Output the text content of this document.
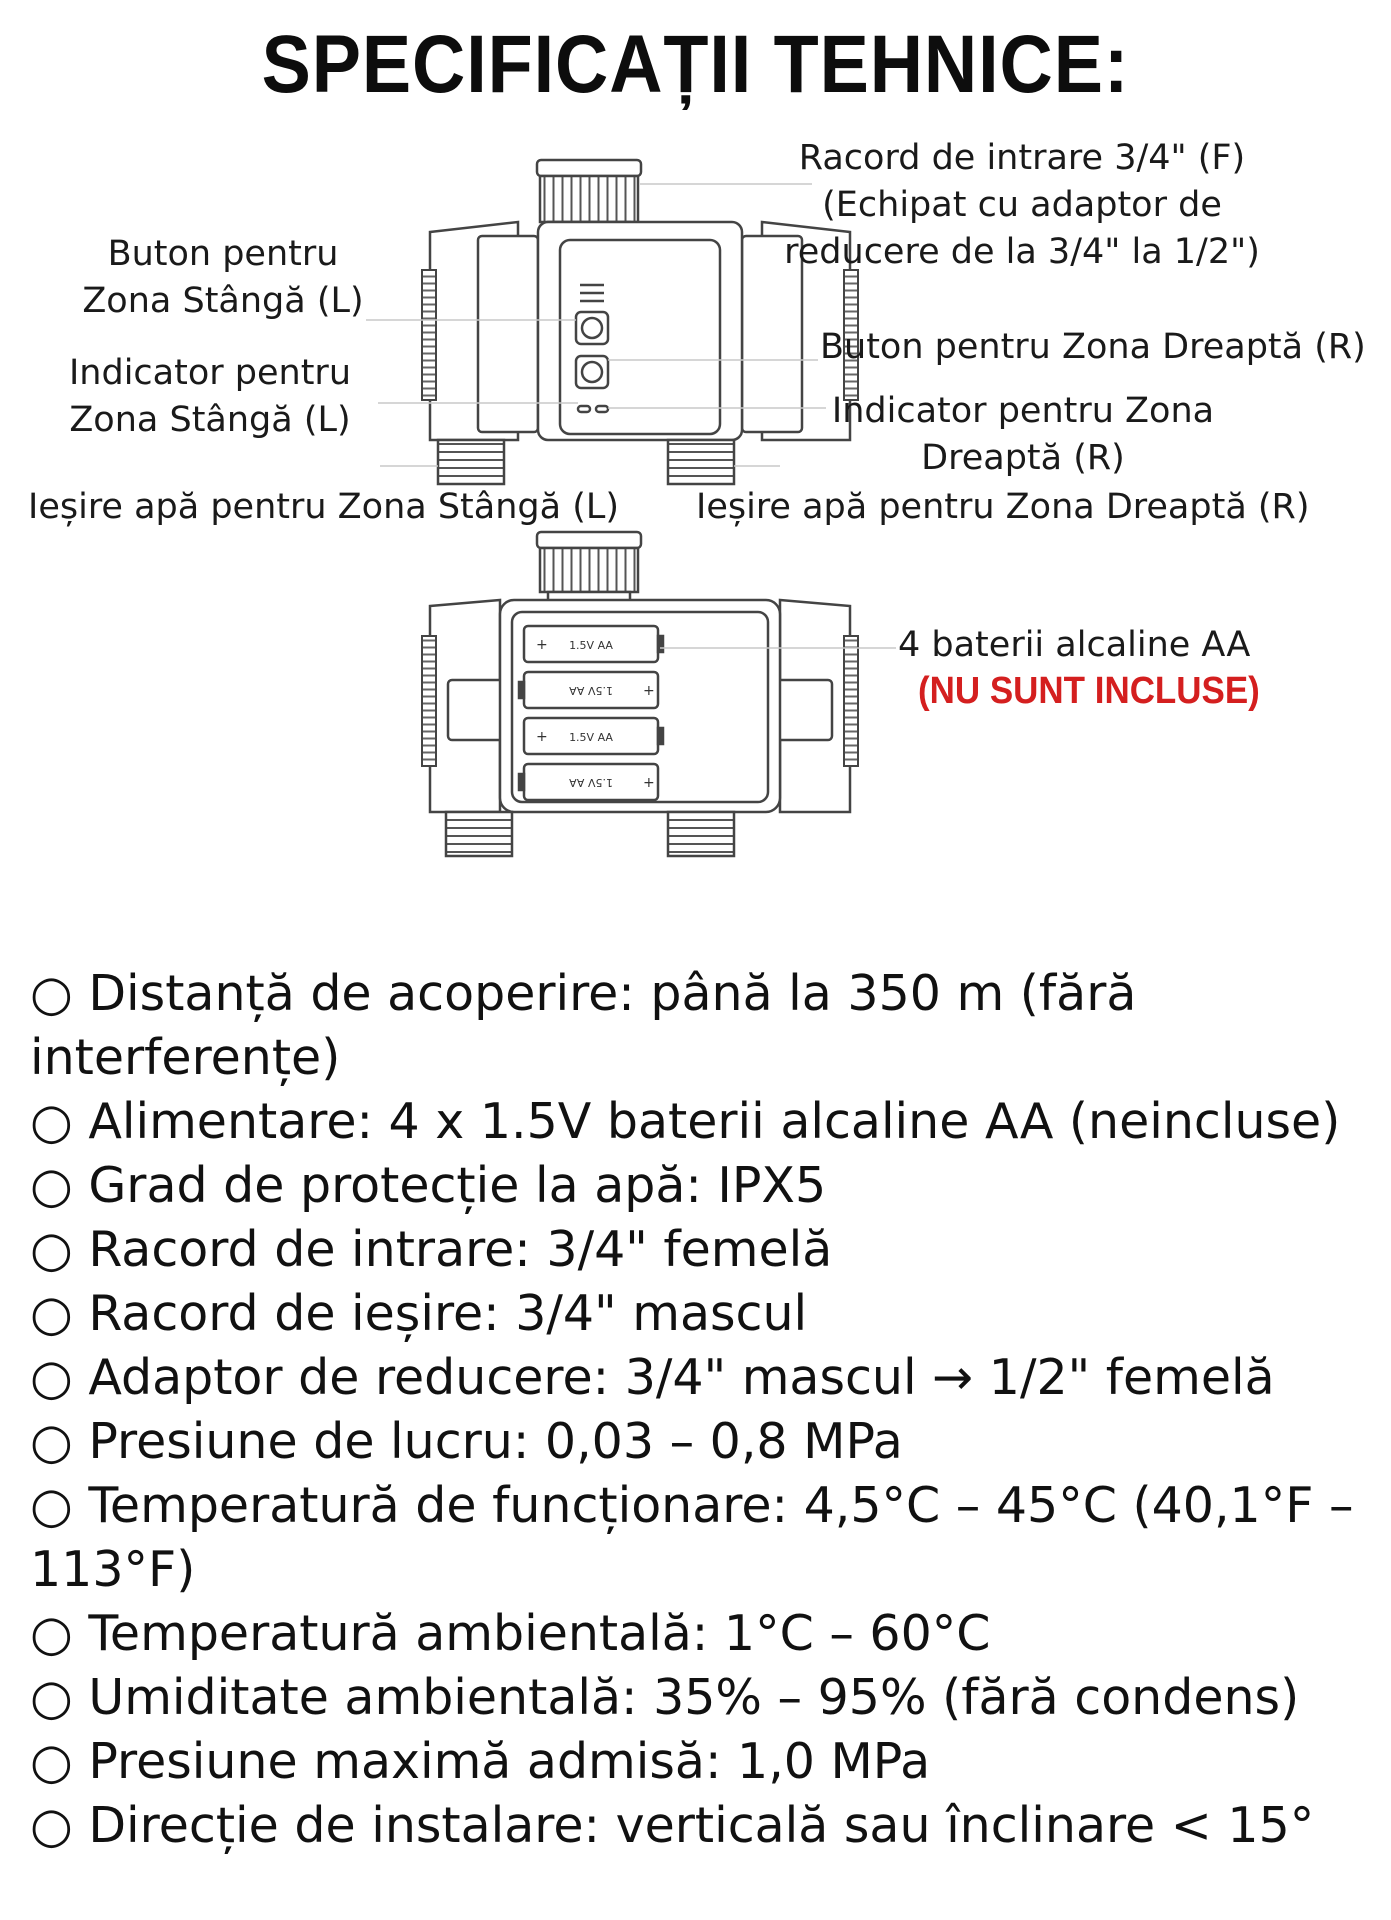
SPECIFICAȚII TEHNICE:
+
+
+
+
1.5V AA
1.5V AA
1.5V AA
1.5V AA
Racord de intrare 3/4" (F)
(Echipat cu adaptor de
reducere de la 3/4" la 1/2")
Buton pentru
Zona Stângă (L)
Buton pentru Zona Dreaptă (R)
Indicator pentru
Zona Stângă (L)	Indicator pentru Zona
Dreaptă (R)
Ieșire apă pentru Zona Stângă (L) Ieșire apă pentru Zona Dreaptă (R)
4 baterii alcaline AA
(NU SUNT INCLUSE)
○ Distanță de acoperire: până la 350 m (fără interferențe)
○ Alimentare: 4 x 1.5V baterii alcaline AA (neincluse)
○ Grad de protecție la apă: IPX5
○ Racord de intrare: 3/4" femelă
○ Racord de ieșire: 3/4" mascul
○ Adaptor de reducere: 3/4" mascul → 1/2" femelă
○ Presiune de lucru: 0,03 – 0,8 MPa
○ Temperatură de funcționare: 4,5°C – 45°C (40,1°F – 113°F)
○ Temperatură ambientală: 1°C – 60°C
○ Umiditate ambientală: 35% – 95% (fără condens)
○ Presiune maximă admisă: 1,0 MPa
○ Direcție de instalare: verticală sau înclinare < 15°
